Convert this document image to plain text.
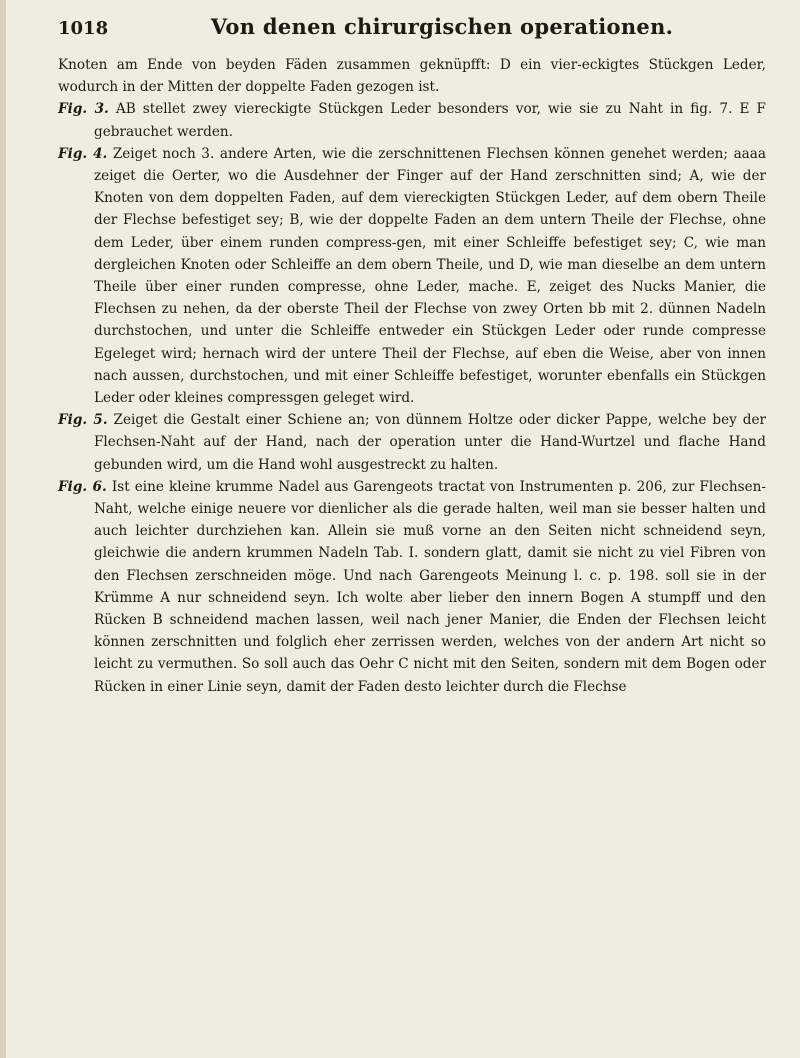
1018	Von denen chirurgischen operationen.

Knoten am Ende von beyden Fäden zusammen geknüpfft: D ein vier-eckigtes Stückgen Leder, wodurch in der Mitten der doppelte Faden gezogen ist.

Fig. 3. AB stellet zwey viereckigte Stückgen Leder besonders vor, wie sie zu Naht in fig. 7. E F gebrauchet werden.

Fig. 4. Zeiget noch 3. andere Arten, wie die zerschnittenen Flechsen können genehet werden; aaaa zeiget die Oerter, wo die Ausdehner der Finger auf der Hand zerschnitten sind; A, wie der Knoten von dem doppelten Faden, auf dem viereckigten Stückgen Leder, auf dem obern Theile der Flechse befestiget sey; B, wie der doppelte Faden an dem untern Theile der Flechse, ohne dem Leder, über einem runden compress-gen, mit einer Schleiffe befestiget sey; C, wie man dergleichen Knoten oder Schleiffe an dem obern Theile, und D, wie man dieselbe an dem untern Theile über einer runden compresse, ohne Leder, mache. E, zeiget des Nucks Manier, die Flechsen zu nehen, da der oberste Theil der Flechse von zwey Orten bb mit 2. dünnen Nadeln durchstochen, und unter die Schleiffe entweder ein Stückgen Leder oder runde compresse Egeleget wird; hernach wird der untere Theil der Flechse, auf eben die Weise, aber von innen nach aussen, durchstochen, und mit einer Schleiffe befestiget, worunter ebenfalls ein Stückgen Leder oder kleines compressgen geleget wird.

Fig. 5. Zeiget die Gestalt einer Schiene an; von dünnem Holtze oder dicker Pappe, welche bey der Flechsen-Naht auf der Hand, nach der operation unter die Hand-Wurtzel und flache Hand gebunden wird, um die Hand wohl ausgestreckt zu halten.

Fig. 6. Ist eine kleine krumme Nadel aus Garengeots tractat von Instrumenten p. 206, zur Flechsen-Naht, welche einige neuere vor dienlicher als die gerade halten, weil man sie besser halten und auch leichter durchziehen kan. Allein sie muß vorne an den Seiten nicht schneidend seyn, gleichwie die andern krummen Nadeln Tab. I. sondern glatt, damit sie nicht zu viel Fibren von den Flechsen zerschneiden möge. Und nach Garengeots Meinung l. c. p. 198. soll sie in der Krümme A nur schneidend seyn. Ich wolte aber lieber den innern Bogen A stumpff und den Rücken B schneidend machen lassen, weil nach jener Manier, die Enden der Flechsen leicht können zerschnitten und folglich eher zerrissen werden, welches von der andern Art nicht so leicht zu vermuthen. So soll auch das Oehr C nicht mit den Seiten, sondern mit dem Bogen oder Rücken in einer Linie seyn, damit der Faden desto leichter durch die Flechse
